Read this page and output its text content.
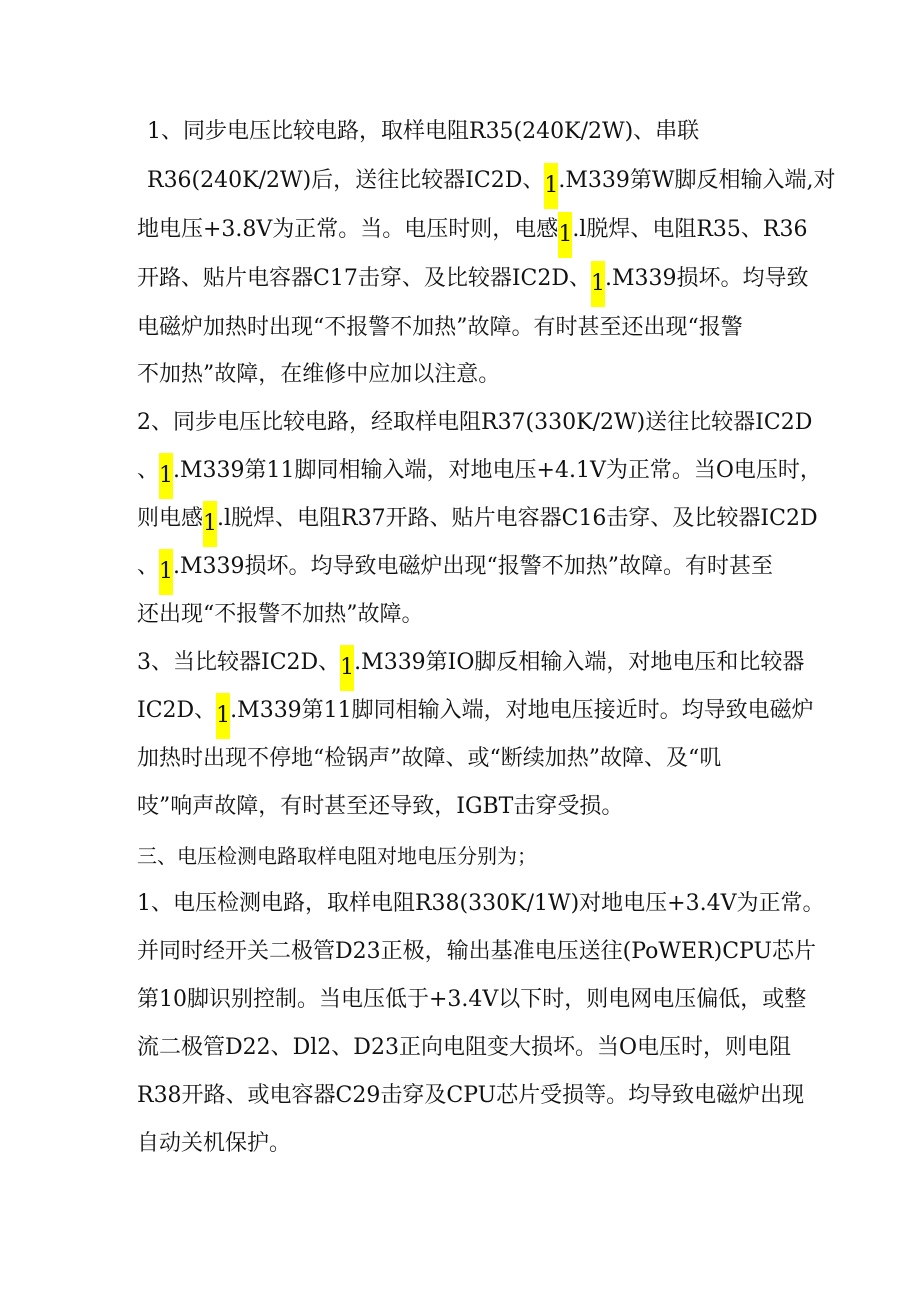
1、同步电压比较电路，取样电阻R35(240K/2W)、串联
R36(240K/2W)后，送往比较器IC2D、1.M339第W脚反相输入端,对
地电压+3.8V为正常。当。电压时则，电感1.l脱焊、电阻R35、R36
开路、贴片电容器C17击穿、及比较器IC2D、1.M339损坏。均导致
电磁炉加热时出现“不报警不加热”故障。有时甚至还出现“报警
不加热”故障，在维修中应加以注意。
2、同步电压比较电路，经取样电阻R37(330K/2W)送往比较器IC2D
、1.M339第11脚同相输入端，对地电压+4.1V为正常。当O电压时，
则电感1.l脱焊、电阻R37开路、贴片电容器C16击穿、及比较器IC2D
、1.M339损坏。均导致电磁炉出现“报警不加热”故障。有时甚至
还出现“不报警不加热”故障。
3、当比较器IC2D、1.M339第IO脚反相输入端，对地电压和比较器
IC2D、1.M339第11脚同相输入端，对地电压接近时。均导致电磁炉
加热时出现不停地“检锅声”故障、或“断续加热”故障、及“叽
吱”响声故障，有时甚至还导致，IGBT击穿受损。
三、电压检测电路取样电阻对地电压分别为；
1、电压检测电路，取样电阻R38(330K/1W)对地电压+3.4V为正常。
并同时经开关二极管D23正极，输出基准电压送往(PoWER)CPU芯片
第10脚识别控制。当电压低于+3.4V以下时，则电网电压偏低，或整
流二极管D22、Dl2、D23正向电阻变大损坏。当O电压时，则电阻
R38开路、或电容器C29击穿及CPU芯片受损等。均导致电磁炉出现
自动关机保护。
